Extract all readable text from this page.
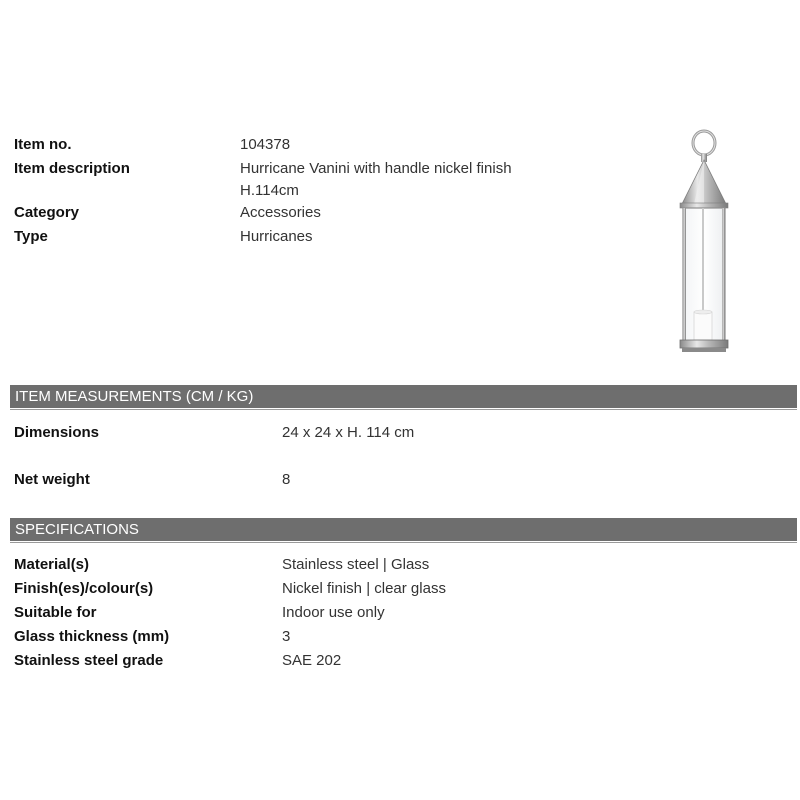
Item no.	104378
Item description	Hurricane Vanini with handle nickel finish
H.114cm
Category	Accessories
Type	Hurricanes
ITEM MEASUREMENTS (CM / KG)
Dimensions	24 x 24 x H. 114 cm
Net weight	8
SPECIFICATIONS
Material(s)	Stainless steel | Glass
Finish(es)/colour(s)	Nickel finish | clear glass
Suitable for	Indoor use only
Glass thickness (mm)	3
Stainless steel grade	SAE 202
